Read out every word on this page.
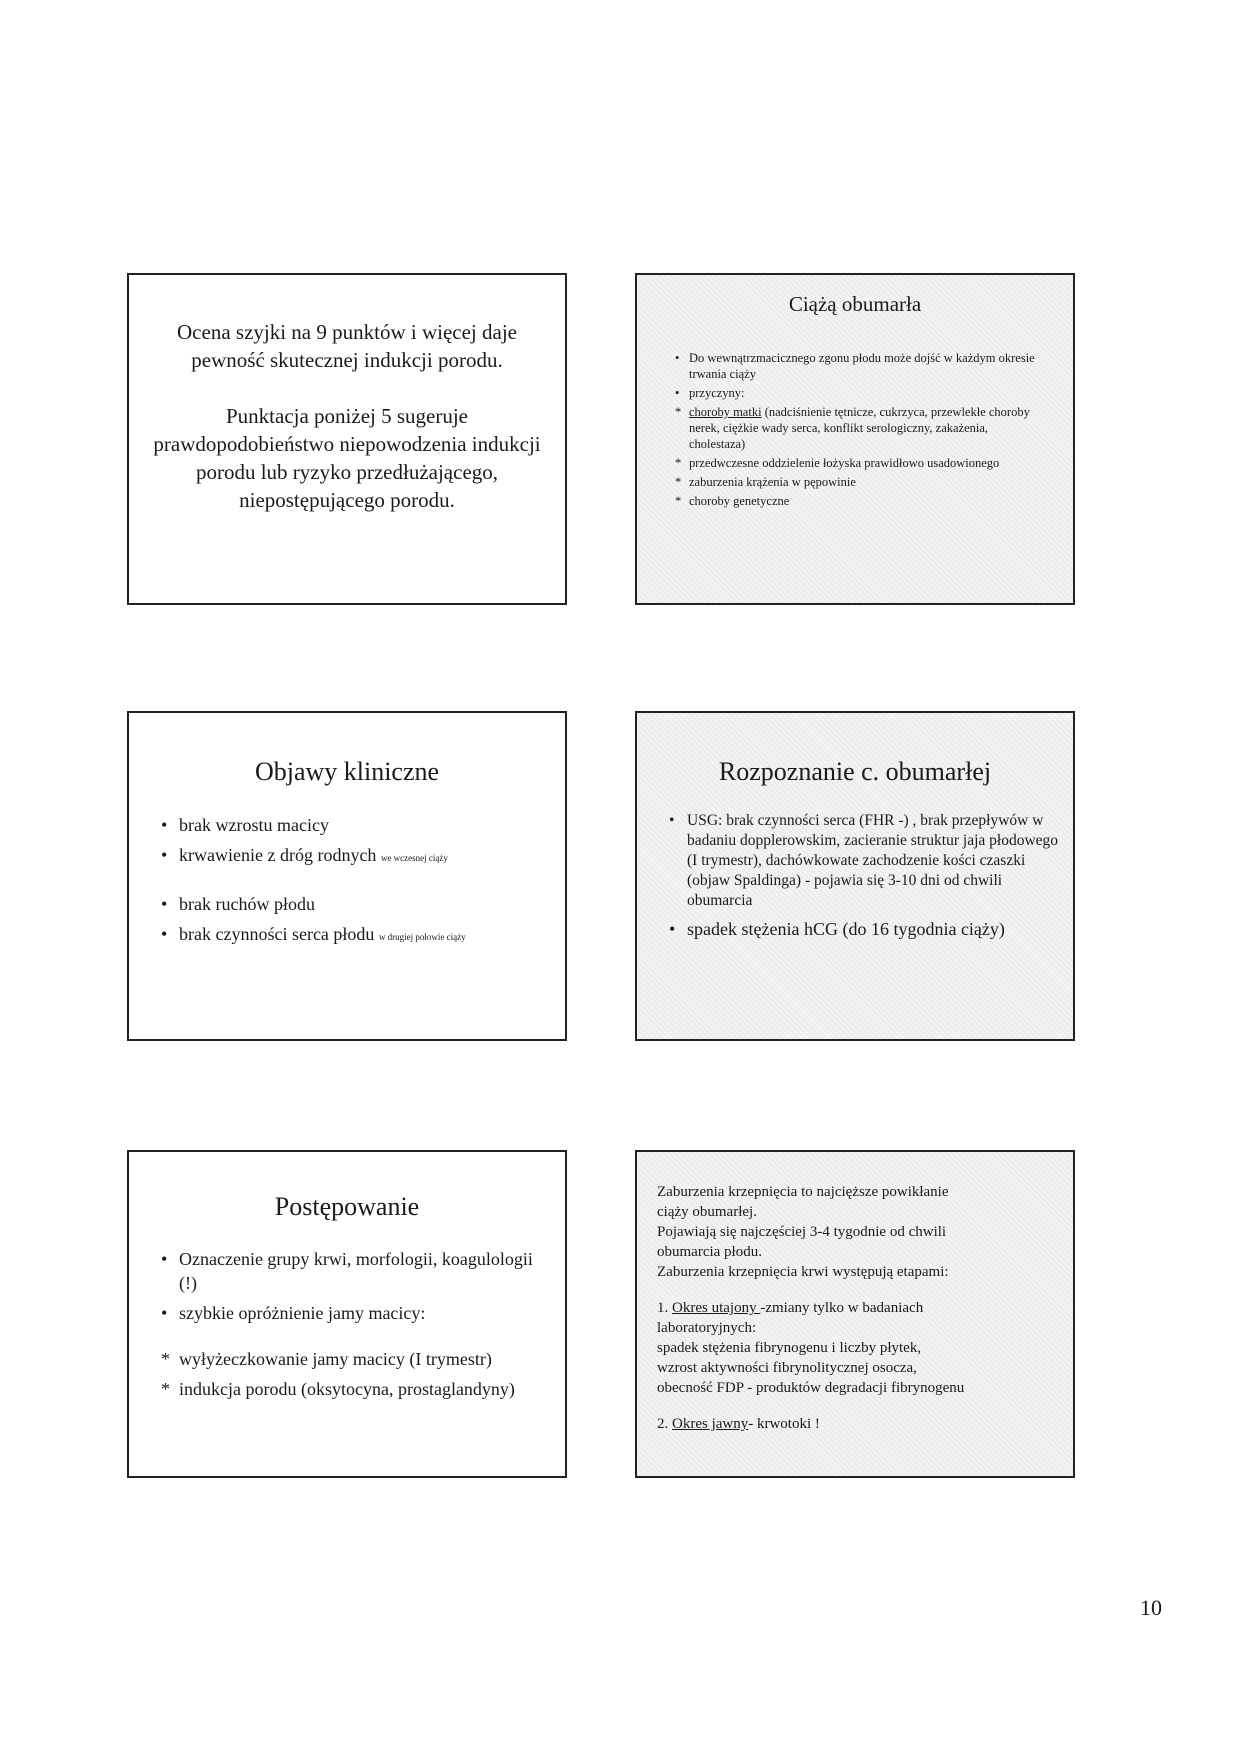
Ocena szyjki na 9 punktów i więcej daje pewność skutecznej indukcji porodu.
Punktacja poniżej 5 sugeruje prawdopodobieństwo niepowodzenia indukcji porodu lub ryzyko przedłużającego, niepostępującego porodu.
Ciążą obumarła
• Do wewnątrzmacicznego zgonu płodu może dojść w każdym okresie trwania ciąży
• przyczyny:
* choroby matki (nadciśnienie tętnicze, cukrzyca, przewlekłe choroby nerek, ciężkie wady serca, konflikt serologiczny, zakażenia, cholestaza)
* przedwczesne oddzielenie łożyska prawidłowo usadowionego
* zaburzenia krążenia w pępowinie
* choroby genetyczne
Objawy kliniczne
• brak wzrostu macicy
• krwawienie z dróg rodnych we wczesnej ciąży
• brak ruchów płodu
• brak czynności serca płodu w drugiej połowie ciąży
Rozpoznanie c. obumarłej
• USG: brak czynności serca (FHR -) , brak przepływów w badaniu dopplerowskim, zacieranie struktur jaja płodowego (I trymestr), dachówkowate zachodzenie kości czaszki (objaw Spaldinga) - pojawia się 3-10 dni od chwili obumarcia
• spadek stężenia hCG (do 16 tygodnia ciąży)
Postępowanie
• Oznaczenie grupy krwi, morfologii, koagulologii (!)
• szybkie opróżnienie jamy macicy:
* wyłyżeczkowanie jamy macicy (I trymestr)
* indukcja porodu (oksytocyna, prostaglandyny)
Zaburzenia krzepnięcia to najcięższe powikłanie
ciąży obumarłej.
Pojawiają się najczęściej 3-4 tygodnie od chwili
obumarcia płodu.
Zaburzenia krzepnięcia krwi występują etapami:
1. Okres utajony -zmiany tylko w badaniach
laboratoryjnych:
spadek stężenia fibrynogenu i liczby płytek,
wzrost aktywności fibrynolitycznej osocza,
obecność FDP - produktów degradacji fibrynogenu
2. Okres jawny- krwotoki !
10
